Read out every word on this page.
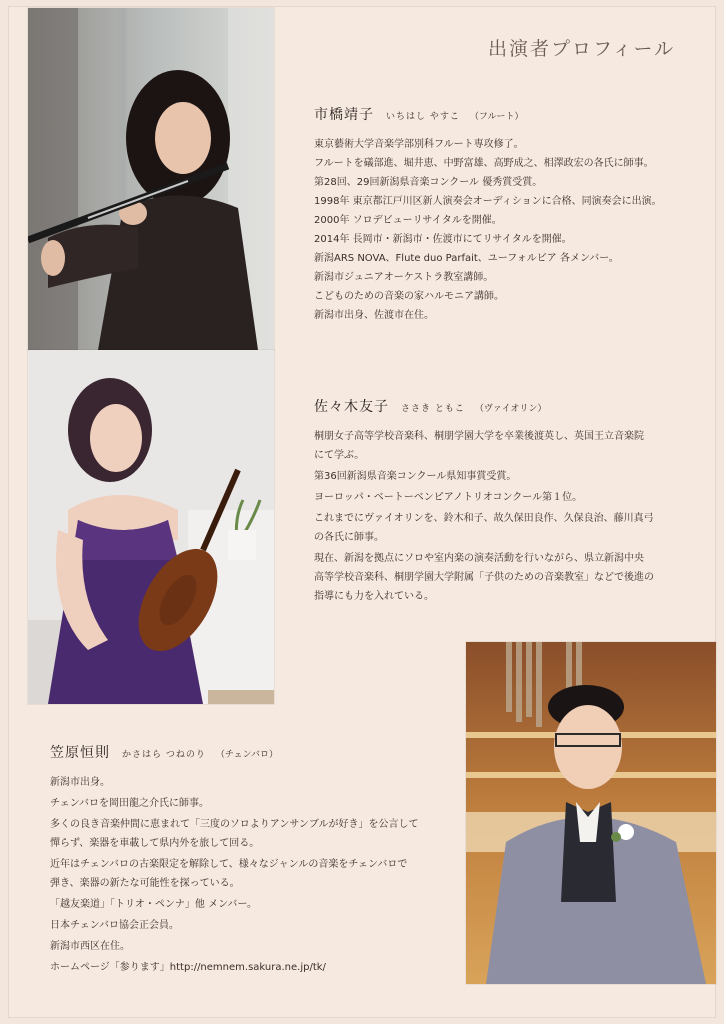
出演者プロフィール
市橋靖子 いちはし やすこ （フルート）
東京藝術大学音楽学部別科フルート専攻修了。
フルートを礒部進、堀井恵、中野富雄、高野成之、相澤政宏の各氏に師事。
第28回、29回新潟県音楽コンクール 優秀賞受賞。
1998年 東京都江戸川区新人演奏会オーディションに合格、同演奏会に出演。
2000年 ソロデビューリサイタルを開催。
2014年 長岡市・新潟市・佐渡市にてリサイタルを開催。
新潟ARS NOVA、Flute duo Parfait、ユーフォルビア 各メンバー。
新潟市ジュニアオーケストラ教室講師。
こどものための音楽の家ハルモニア講師。
新潟市出身、佐渡市在住。
佐々木友子 ささき ともこ （ヴァイオリン）
桐朋女子高等学校音楽科、桐朋学園大学を卒業後渡英し、英国王立音楽院
にて学ぶ。
第36回新潟県音楽コンクール県知事賞受賞。
ヨーロッパ・ベートーベンピアノトリオコンクール第１位。
これまでにヴァイオリンを、鈴木和子、故久保田良作、久保良治、藤川真弓
の各氏に師事。
現在、新潟を拠点にソロや室内楽の演奏活動を行いながら、県立新潟中央
高等学校音楽科、桐朋学園大学附属「子供のための音楽教室」などで後進の
指導にも力を入れている。
笠原恒則 かさはら つねのり （チェンバロ）
新潟市出身。
チェンバロを岡田龍之介氏に師事。
多くの良き音楽仲間に恵まれて「三度のソロよりアンサンブルが好き」を公言して
憚らず、楽器を車載して県内外を旅して回る。
近年はチェンバロの古楽限定を解除して、様々なジャンルの音楽をチェンバロで
弾き、楽器の新たな可能性を探っている。
「越友楽道」「トリオ・ペンナ」他 メンバー。
日本チェンバロ協会正会員。
新潟市西区在住。
ホームページ「参ります」http://nemnem.sakura.ne.jp/tk/
